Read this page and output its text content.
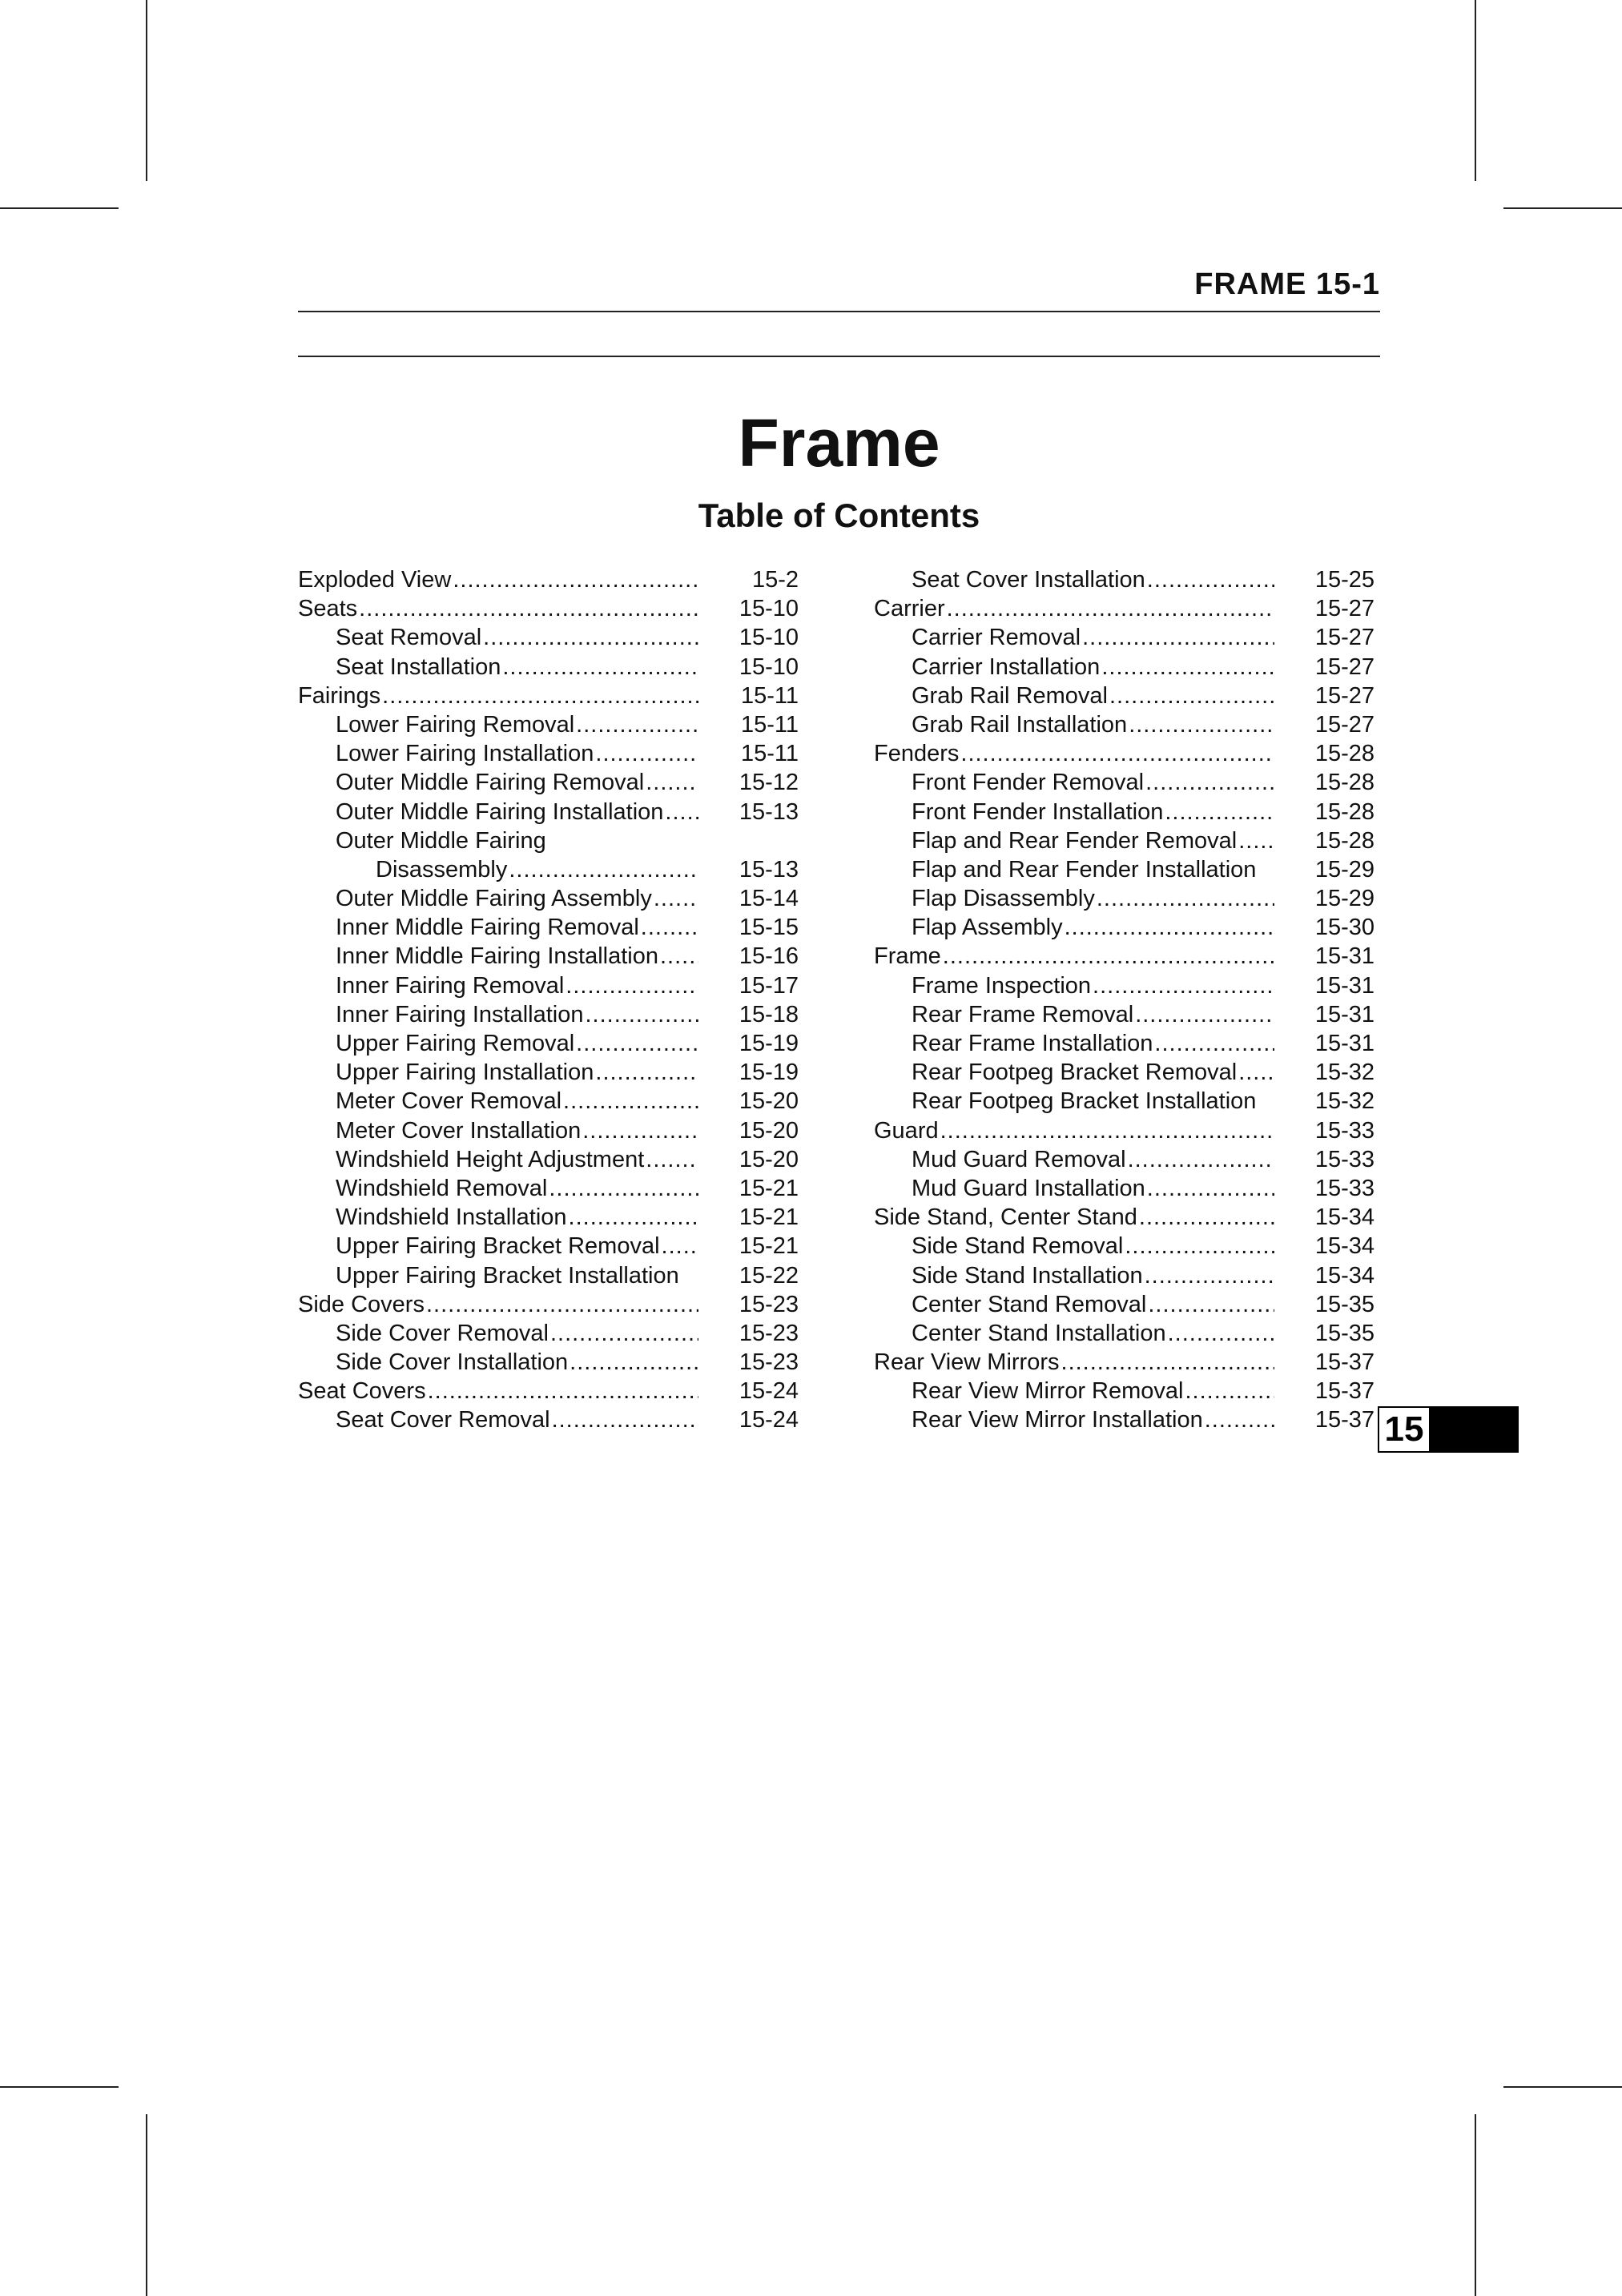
FRAME 15-1
Frame
Table of Contents
Exploded View .....	15-2
Seats .....	15-10
Seat Removal .....	15-10
Seat Installation .....	15-10
Fairings .....	15-11
Lower Fairing Removal .....	15-11
Lower Fairing Installation .....	15-11
Outer Middle Fairing Removal .....	15-12
Outer Middle Fairing Installation .....	15-13
Outer Middle Fairing
Disassembly .....	15-13
Outer Middle Fairing Assembly .....	15-14
Inner Middle Fairing Removal .....	15-15
Inner Middle Fairing Installation .....	15-16
Inner Fairing Removal .....	15-17
Inner Fairing Installation .....	15-18
Upper Fairing Removal .....	15-19
Upper Fairing Installation .....	15-19
Meter Cover Removal .....	15-20
Meter Cover Installation .....	15-20
Windshield Height Adjustment .....	15-20
Windshield Removal .....	15-21
Windshield Installation .....	15-21
Upper Fairing Bracket Removal .....	15-21
Upper Fairing Bracket Installation	15-22
Side Covers .....	15-23
Side Cover Removal .....	15-23
Side Cover Installation .....	15-23
Seat Covers .....	15-24
Seat Cover Removal .....	15-24
Seat Cover Installation .....	15-25
Carrier .....	15-27
Carrier Removal .....	15-27
Carrier Installation .....	15-27
Grab Rail Removal .....	15-27
Grab Rail Installation .....	15-27
Fenders .....	15-28
Front Fender Removal .....	15-28
Front Fender Installation .....	15-28
Flap and Rear Fender Removal .....	15-28
Flap and Rear Fender Installation	15-29
Flap Disassembly .....	15-29
Flap Assembly .....	15-30
Frame .....	15-31
Frame Inspection .....	15-31
Rear Frame Removal .....	15-31
Rear Frame Installation .....	15-31
Rear Footpeg Bracket Removal .....	15-32
Rear Footpeg Bracket Installation	15-32
Guard .....	15-33
Mud Guard Removal .....	15-33
Mud Guard Installation .....	15-33
Side Stand, Center Stand .....	15-34
Side Stand Removal .....	15-34
Side Stand Installation .....	15-34
Center Stand Removal .....	15-35
Center Stand Installation .....	15-35
Rear View Mirrors .....	15-37
Rear View Mirror Removal .....	15-37
Rear View Mirror Installation .....	15-37 15
